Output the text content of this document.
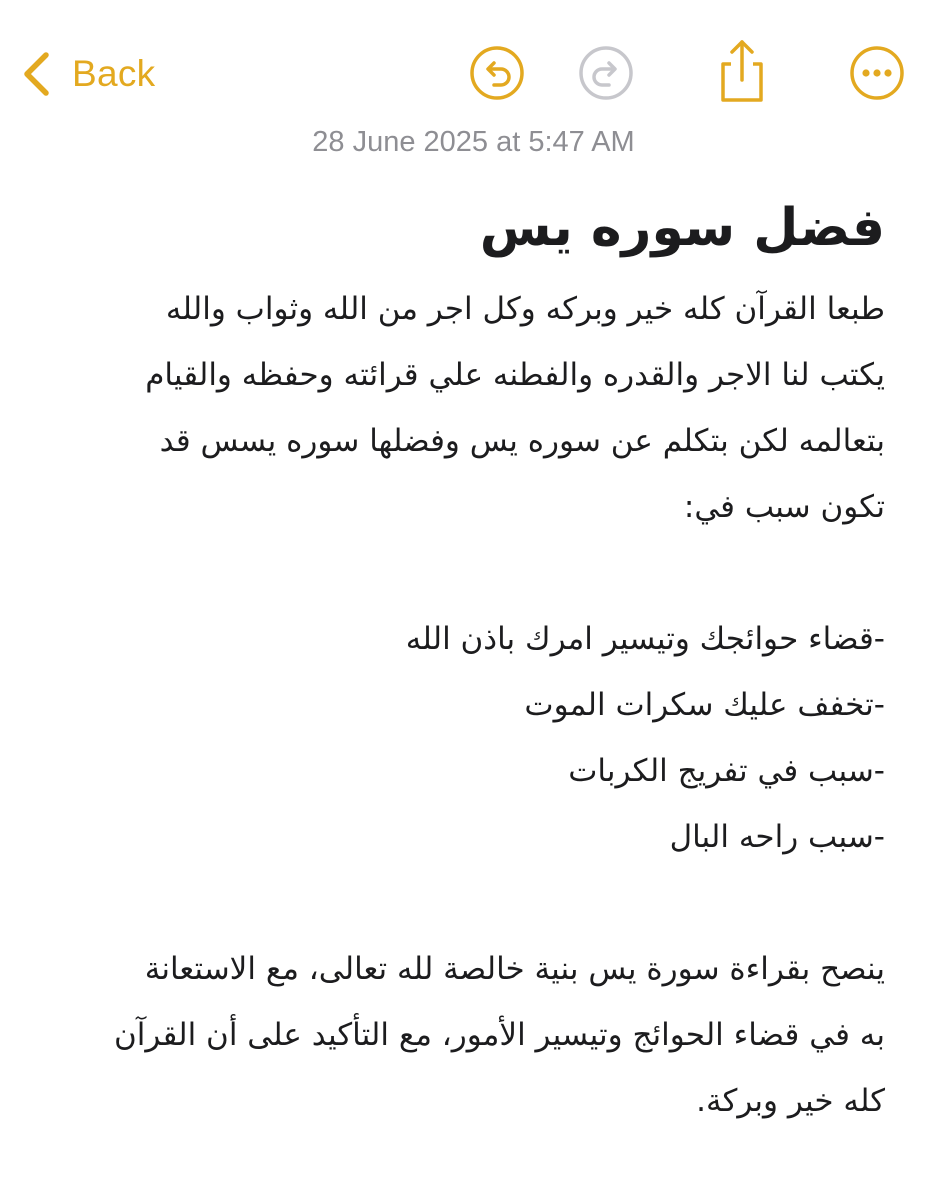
Back
28 June 2025 at 5:47 AM
فضل سوره يس
طبعا القرآن كله خير وبركه وكل اجر من الله وثواب والله
يكتب لنا الاجر والقدره والفطنه علي قرائته وحفظه والقيام
بتعالمه لكن بتكلم عن سوره يس وفضلها سوره يسس قد
تكون سبب في:
-قضاء حوائجك وتيسير امرك باذن الله
-تخفف عليك سكرات الموت
-سبب في تفريج الكربات
-سبب راحه البال
ينصح بقراءة سورة يس بنية خالصة لله تعالى، مع الاستعانة
به في قضاء الحوائج وتيسير الأمور، مع التأكيد على أن القرآن
كله خير وبركة.
